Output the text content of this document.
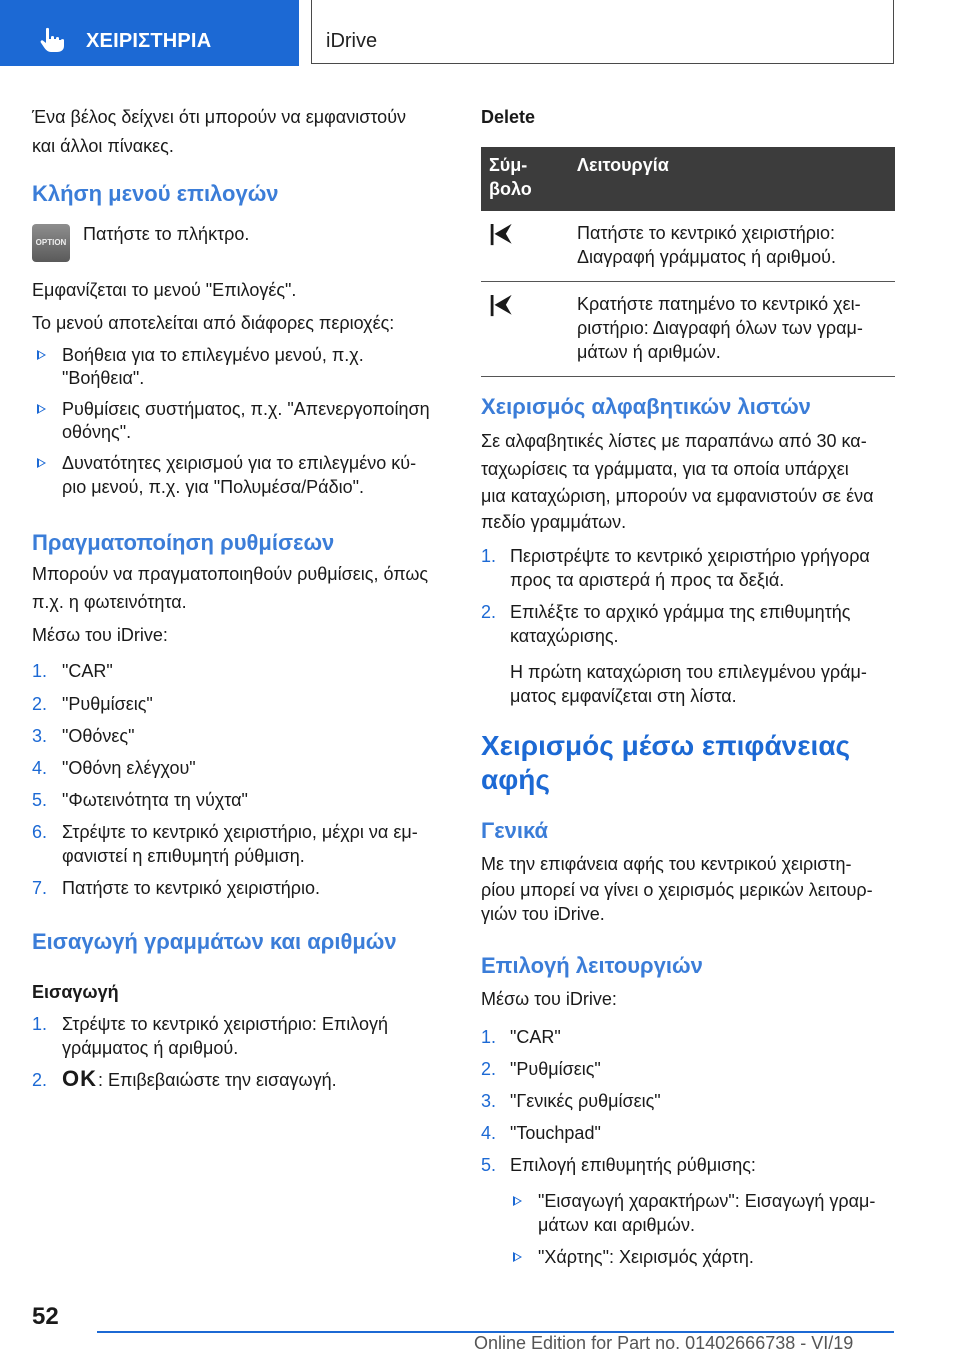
ΧΕΙΡΙΣΤΗΡΙΑ	iDrive
Ένα βέλος δείχνει ότι μπορούν να εμφανιστούν
και άλλοι πίνακες.
Κλήση μενού επιλογών
OPTION Πατήστε το πλήκτρο.
Εμφανίζεται το μενού "Επιλογές".
Το μενού αποτελείται από διάφορες περιοχές:
Βοήθεια για το επιλεγμένο μενού, π.χ.
"Βοήθεια".
Ρυθμίσεις συστήματος, π.χ. "Απενεργοποίηση
οθόνης".
Δυνατότητες χειρισμού για το επιλεγμένο κύ-
ριο μενού, π.χ. για "Πολυμέσα/Ράδιο".
Πραγματοποίηση ρυθμίσεων
Μπορούν να πραγματοποιηθούν ρυθμίσεις, όπως
π.χ. η φωτεινότητα.
Μέσω του iDrive:
1. "CAR"
2. "Ρυθμίσεις"
3. "Οθόνες"
4. "Οθόνη ελέγχου"
5. "Φωτεινότητα τη νύχτα"
6. Στρέψτε το κεντρικό χειριστήριο, μέχρι να εμ-
φανιστεί η επιθυμητή ρύθμιση.
7. Πατήστε το κεντρικό χειριστήριο.
Εισαγωγή γραμμάτων και αριθμών
Εισαγωγή
1. Στρέψτε το κεντρικό χειριστήριο: Επιλογή
γράμματος ή αριθμού.
2. OK : Επιβεβαιώστε την εισαγωγή.
Delete
Σύμ-
βολο	Λειτουργία
|⮜	Πατήστε το κεντρικό χειριστήριο:
Διαγραφή γράμματος ή αριθμού.
|⮜	Κρατήστε πατημένο το κεντρικό χει-
ριστήριο: Διαγραφή όλων των γραμ-
μάτων ή αριθμών.
Χειρισμός αλφαβητικών λιστών
Σε αλφαβητικές λίστες με παραπάνω από 30 κα-
ταχωρίσεις τα γράμματα, για τα οποία υπάρχει
μια καταχώριση, μπορούν να εμφανιστούν σε ένα
πεδίο γραμμάτων.
1. Περιστρέψτε το κεντρικό χειριστήριο γρήγορα
προς τα αριστερά ή προς τα δεξιά.
2. Επιλέξτε το αρχικό γράμμα της επιθυμητής
καταχώρισης.
Η πρώτη καταχώριση του επιλεγμένου γράμ-
ματος εμφανίζεται στη λίστα.
Χειρισμός μέσω επιφάνειας
αφής
Γενικά
Με την επιφάνεια αφής του κεντρικού χειριστη-
ρίου μπορεί να γίνει ο χειρισμός μερικών λειτουρ-
γιών του iDrive.
Επιλογή λειτουργιών
Μέσω του iDrive:
1. "CAR"
2. "Ρυθμίσεις"
3. "Γενικές ρυθμίσεις"
4. "Touchpad"
5. Επιλογή επιθυμητής ρύθμισης:
"Εισαγωγή χαρακτήρων": Εισαγωγή γραμ-
μάτων και αριθμών.
"Χάρτης": Χειρισμός χάρτη.
52
Online Edition for Part no. 01402666738 - VI/19
